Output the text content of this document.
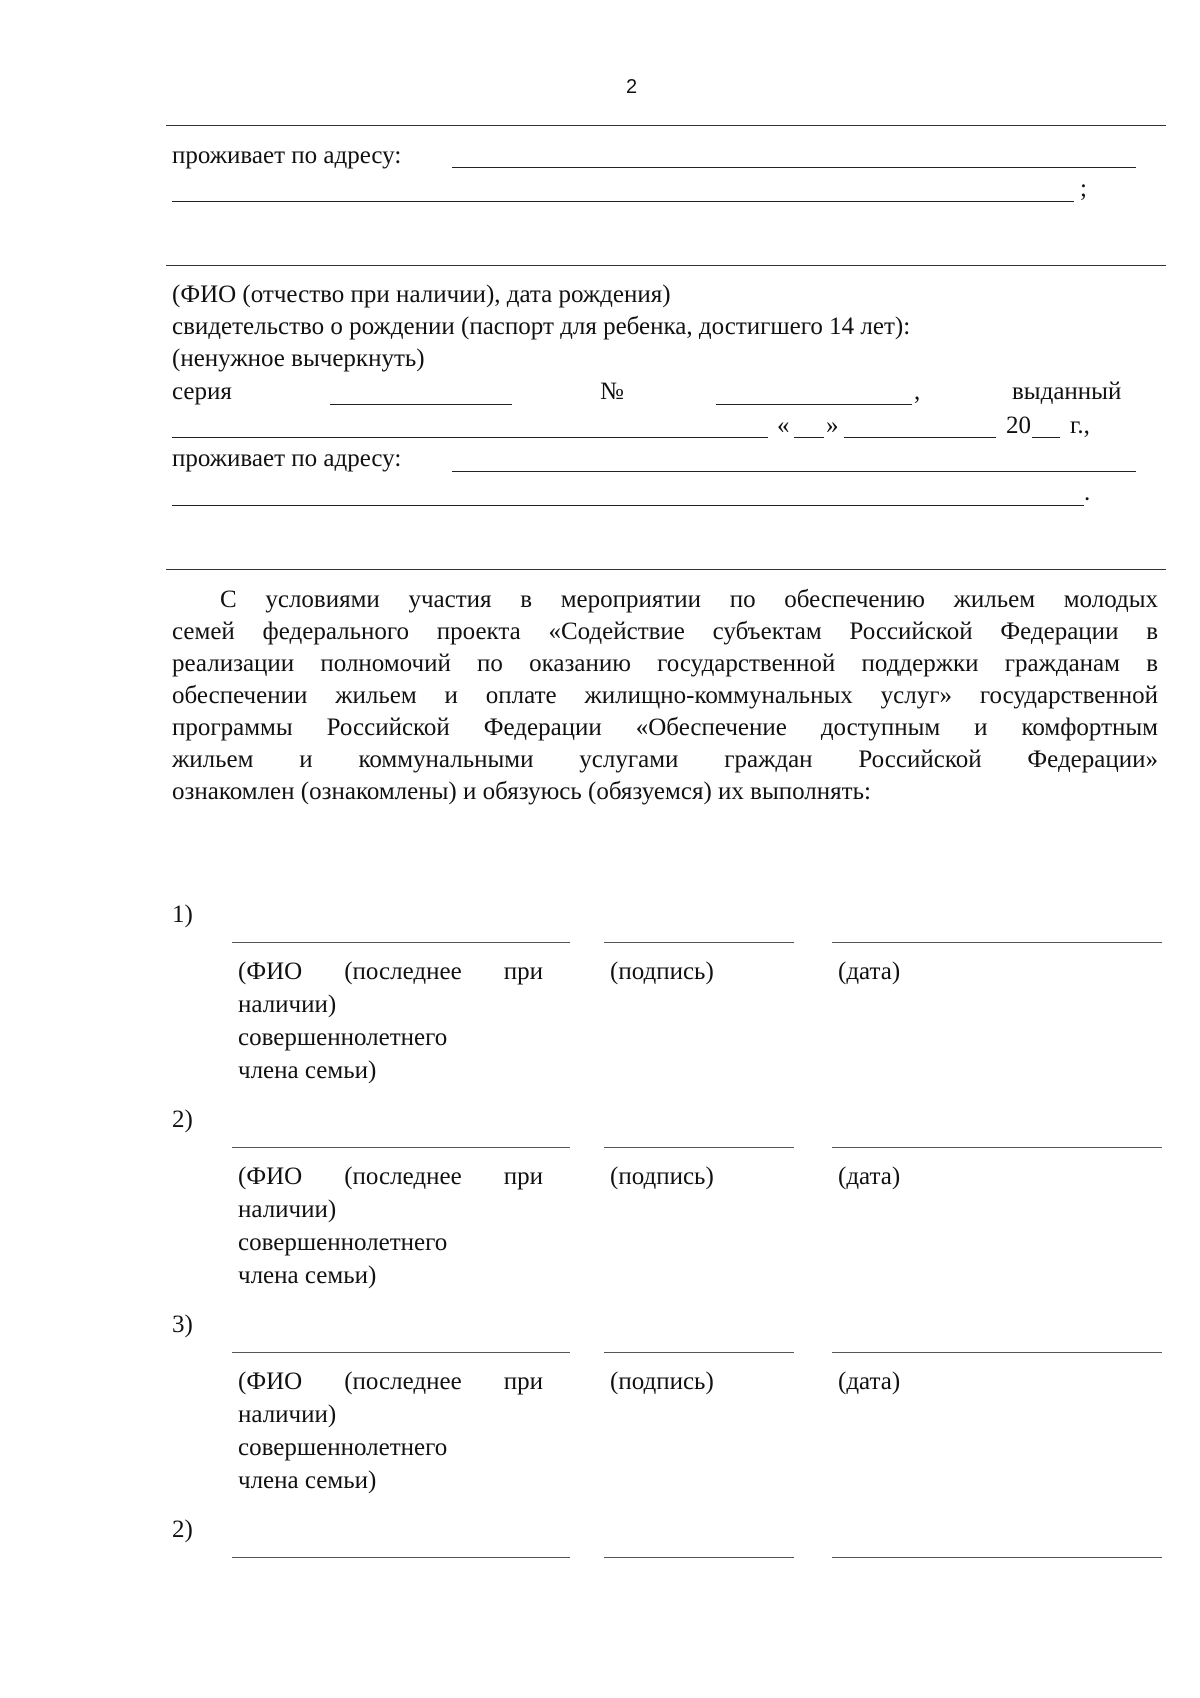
2
проживает по адресу:
;
(ФИО (отчество при наличии), дата рождения)
свидетельство о рождении (паспорт для ребенка, достигшего 14 лет):
(ненужное вычеркнуть)
серия	№	,	выданный
« »	20 г.,
проживает по адресу:
.
С условиями участия в мероприятии по обеспечению жильем молодых
семей федерального проекта «Содействие субъектам Российской Федерации в
реализации полномочий по оказанию государственной поддержки гражданам в
обеспечении жильем и оплате жилищно-коммунальных услуг» государственной
программы Российской Федерации «Обеспечение доступным и комфортным
жильем и коммунальными услугами граждан Российской Федерации»
ознакомлен (ознакомлены) и обязуюсь (обязуемся) их выполнять:
1)
(ФИО (последнее при
наличии)
совершеннолетнего
члена семьи)
(подпись)	(дата)
2)
(ФИО (последнее при
наличии)
совершеннолетнего
члена семьи)
(подпись)	(дата)
3)
(ФИО (последнее при
наличии)
совершеннолетнего
члена семьи)
(подпись)	(дата)
2)
